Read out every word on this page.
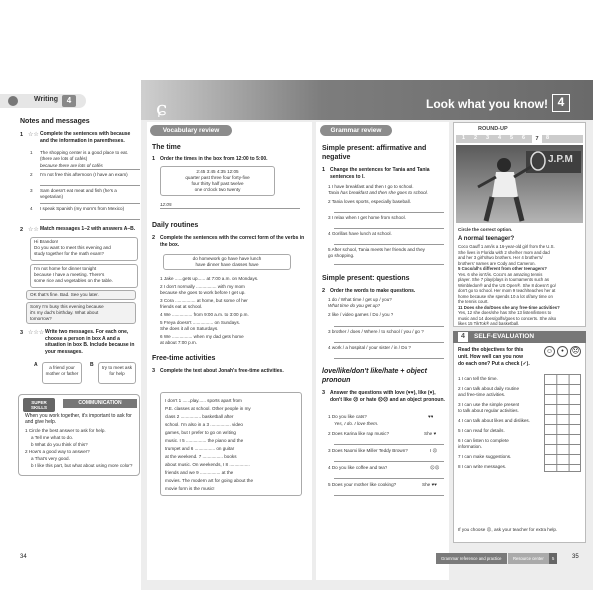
Writing	4
Notes and messages
1 ☆☆ Complete the sentences with because and the information in parentheses.
1 The shopping center is a good place to eat. (there are lots of cafés)
because there are lots of cafés
2 I'm not free this afternoon (I have an exam)
3 Sam doesn't eat meat and fish (he's a vegetarian)
4 I speak Spanish (my mom's from Mexico)
2 ☆☆ Match messages 1–2 with answers A–B.
Hi Brandon!
Do you want to meet this evening and
study together for the math exam?
I'm not home for dinner tonight
because I have a meeting. There's
some rice and vegetables on the table.
OK that's fine. Bad. See you later.
Sorry I'm busy this evening because
it's my dad's birthday. What about
tomorrow?
3 ☆☆☆ Write two messages. For each one, choose a person in box A and a situation in box B. Include because in your messages.
a friend your mother or father
A	try to meet ask for help
B
SUPER SKILLS
COMMUNICATION
When you work together, it's important to ask for and give help.
1 Circle the best answer to ask for help.
a Tell me what to do.
b What do you think of this?
2 How's a good way to answer?
a That's very good.
b I like this part, but what about using more color?
34
ɕ	Look what you know! 4
Vocabulary review
The time
1 Order the times in the box from 12:00 to 5:00.
2:45 3:45 4:35 12:05
quarter past three four forty-five
four thirty half past twelve
one o'clock two twenty
12:05
Daily routines
2 Complete the sentences with the correct form of the verbs in the box.
do homework go have have lunch
have dinner have classes have
1 Jake ......gets up...... at 7:00 a.m. on Mondays.
2 I don't normally ................ with my mom
because she goes to work before I get up.
3 Cora ................ at home, but some of her
friends eat at school.
4 We ................ from 9:00 a.m. to 3:00 p.m.
5 Freya doesn't ................ on Sundays.
She does it all on Saturdays.
6 We ................ when my dad gets home
at about 7:00 p.m.
Free-time activities
3 Complete the text about Jonah's free-time activities.
I don't 1 ......play...... sports apart from
P.E. classes at school. Other people in my
class 2 ................ basketball after
school. I'm also in a 3 ................ video
games, but I prefer to go on writing
music. I 5 ................ the piano and the
trumpet and 6 ................ on guitar
at the weekend. 7 ................ books
about music. On weekends, I 8 ................
friends and we 9 ................ at the
movies. The modern art for going about the
movie form is the music!
Grammar review
Simple present: affirmative and negative
1 Change the sentences for Tania and Tania sentences to I.
1 I have breakfast and then I go to school.
Tania has breakfast and then she goes to school.
2 Tania loves sports, especially baseball.
3 I relax when I get home from school.
4 Gorillas have lunch at school.
5 After school, Tania meets her friends and they
go shopping.
Simple present: questions
2 Order the words to make questions.
1 do / What time / get up / you?
What time do you get up?
2 like / video games / Do / you ?
3 brother / does / Where / to school / you / go ?
4 work / a hospital / your sister / in / Do ?
love/like/don't like/hate + object pronoun
3 Answer the questions with love (♥♥), like (♥), don't like ☹ or hate ☹☹ and an object pronoun.
1 Do you like cats?	♥♥
Yes, I do. I love them.
2 Does Karina like rap music?	She ♥
3 Does Naomi like Miller Teddy Brown?	I ☹
4 Do you like coffee and tea?	☹☹
5 Does your mother like cooking?	She ♥♥
ROUND-UP
1 2 3 4 5 6	7	8
J.P.M
Circle the correct option.
A normal teenager?
Coco Gauff 1 am/is a 16-year-old girl from the U.S.
She lives in Florida with 2 she/her mom and dad
and her 3 girl's/two brothers. Her 4 brother's/
brothers' names are Cody and Cameron.
5 Coco/all's different from other teenagers?
Yes. 6 she isn't/is. Coco's an amazing tennis
player. She 7 play/plays in tournaments such as
Wimbledon® and the US Open®. She 8 doesn't go/
don't go to school. Her mom 9 teach/teaches her at
home because she spends 10 a lot of/any time on
the tennis court.
11 Does she do/Does she any free-time activities?
Yes, 12 she does/she has She 13 listen/listens to
music and 14 does/golfs/goes to concerts. She also
likes 15 TikTok® and basketball.
4	SELF-EVALUATION
Read the objectives for this
unit. How well can you now
do each one? Put a check (✓).
☺	•	☹
1 I can tell the time.
2 I can talk about daily routine
and free-time activities.
3 I can use the simple present
to talk about regular activities.
4 I can talk about likes and dislikes.
5 I can read for details.
6 I can listen to complete
information.
7 I can make suggestions.
8 I can write messages.
If you choose ☹, ask your teacher for extra help.
Grammar reference and practice	Resource center	5	35
